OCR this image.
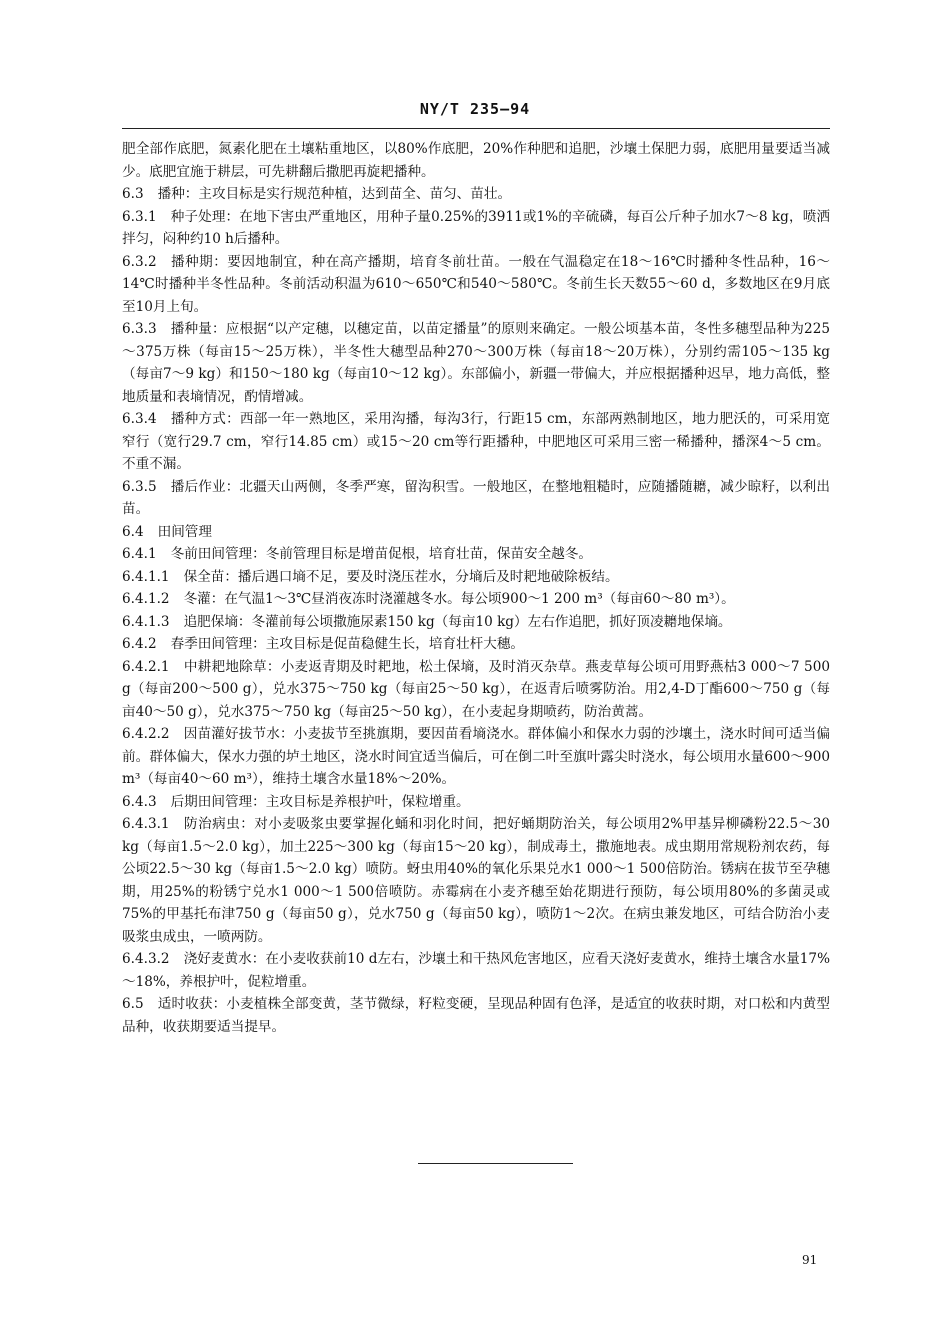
NY/T 235—94

肥全部作底肥，氮素化肥在土壤粘重地区，以80%作底肥，20%作种肥和追肥，沙壤土保肥力弱，底肥用量要适当减少。底肥宜施于耕层，可先耕翻后撒肥再旋耙播种。

6.3 播种：主攻目标是实行规范种植，达到苗全、苗匀、苗壮。

6.3.1 种子处理：在地下害虫严重地区，用种子量0.25%的3911或1%的辛硫磷，每百公斤种子加水7～8 kg，喷洒拌匀，闷种约10 h后播种。

6.3.2 播种期：要因地制宜，种在高产播期，培育冬前壮苗。一般在气温稳定在18～16℃时播种冬性品种，16～14℃时播种半冬性品种。冬前活动积温为610～650℃和540～580℃。冬前生长天数55～60 d，多数地区在9月底至10月上旬。

6.3.3 播种量：应根据“以产定穗，以穗定苗，以苗定播量”的原则来确定。一般公顷基本苗，冬性多穗型品种为225～375万株（每亩15～25万株），半冬性大穗型品种270～300万株（每亩18～20万株），分别约需105～135 kg（每亩7～9 kg）和150～180 kg（每亩10～12 kg）。东部偏小，新疆一带偏大，并应根据播种迟早，地力高低，整地质量和表墒情况，酌情增减。

6.3.4 播种方式：西部一年一熟地区，采用沟播，每沟3行，行距15 cm，东部两熟制地区，地力肥沃的，可采用宽窄行（宽行29.7 cm，窄行14.85 cm）或15～20 cm等行距播种，中肥地区可采用三密一稀播种，播深4～5 cm。不重不漏。

6.3.5 播后作业：北疆天山两侧，冬季严寒，留沟积雪。一般地区，在整地粗糙时，应随播随耱，减少晾籽，以利出苗。

6.4 田间管理

6.4.1 冬前田间管理：冬前管理目标是增苗促根，培育壮苗，保苗安全越冬。

6.4.1.1 保全苗：播后遇口墒不足，要及时浇压茬水，分墒后及时耙地破除板结。

6.4.1.2 冬灌：在气温1～3℃昼消夜冻时浇灌越冬水。每公顷900～1 200 m³（每亩60～80 m³）。

6.4.1.3 追肥保墒：冬灌前每公顷撒施尿素150 kg（每亩10 kg）左右作追肥，抓好顶凌耱地保墒。

6.4.2 春季田间管理：主攻目标是促苗稳健生长，培育壮杆大穗。

6.4.2.1 中耕耙地除草：小麦返青期及时耙地，松土保墒，及时消灭杂草。燕麦草每公顷可用野燕枯3 000～7 500 g（每亩200～500 g），兑水375～750 kg（每亩25～50 kg），在返青后喷雾防治。用2,4-D丁酯600～750 g（每亩40～50 g），兑水375～750 kg（每亩25～50 kg），在小麦起身期喷药，防治黄蒿。

6.4.2.2 因苗灌好拔节水：小麦拔节至挑旗期，要因苗看墒浇水。群体偏小和保水力弱的沙壤土，浇水时间可适当偏前。群体偏大，保水力强的垆土地区，浇水时间宜适当偏后，可在倒二叶至旗叶露尖时浇水，每公顷用水量600～900 m³（每亩40～60 m³），维持土壤含水量18%～20%。

6.4.3 后期田间管理：主攻目标是养根护叶，保粒增重。

6.4.3.1 防治病虫：对小麦吸浆虫要掌握化蛹和羽化时间，把好蛹期防治关，每公顷用2%甲基异柳磷粉22.5～30 kg（每亩1.5～2.0 kg），加土225～300 kg（每亩15～20 kg），制成毒土，撒施地表。成虫期用常规粉剂农药，每公顷22.5～30 kg（每亩1.5～2.0 kg）喷防。蚜虫用40%的氧化乐果兑水1 000～1 500倍防治。锈病在拔节至孕穗期，用25%的粉锈宁兑水1 000～1 500倍喷防。赤霉病在小麦齐穗至始花期进行预防，每公顷用80%的多菌灵或75%的甲基托布津750 g（每亩50 g），兑水750 g（每亩50 kg），喷防1～2次。在病虫兼发地区，可结合防治小麦吸浆虫成虫，一喷两防。

6.4.3.2 浇好麦黄水：在小麦收获前10 d左右，沙壤土和干热风危害地区，应看天浇好麦黄水，维持土壤含水量17%～18%，养根护叶，促粒增重。

6.5 适时收获：小麦植株全部变黄，茎节微绿，籽粒变硬，呈现品种固有色泽，是适宜的收获时期，对口松和内黄型品种，收获期要适当提早。

91
